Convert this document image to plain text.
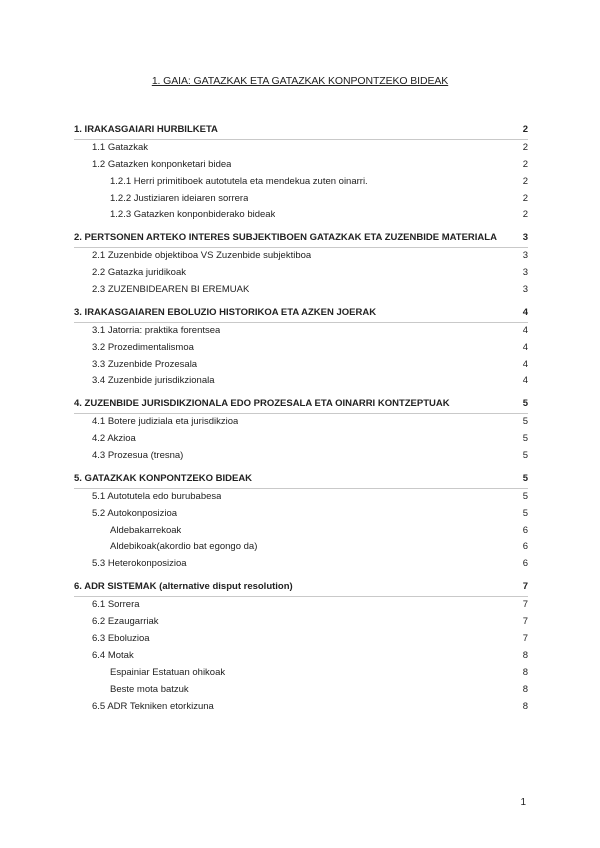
1. GAIA: GATAZKAK ETA GATAZKAK KONPONTZEKO BIDEAK
1. IRAKASGAIARI HURBILKETA	2
1.1 Gatazkak	2
1.2 Gatazken konponketari bidea	2
1.2.1 Herri primitiboek autotutela eta mendekua zuten oinarri.	2
1.2.2 Justiziaren ideiaren sorrera	2
1.2.3 Gatazken konponbiderako bideak	2
2. PERTSONEN ARTEKO INTERES SUBJEKTIBOEN GATAZKAK ETA ZUZENBIDE MATERIALA	3
2.1 Zuzenbide objektiboa VS Zuzenbide subjektiboa	3
2.2 Gatazka juridikoak	3
2.3 ZUZENBIDEAREN BI EREMUAK	3
3. IRAKASGAIAREN EBOLUZIO HISTORIKOA ETA AZKEN JOERAK	4
3.1 Jatorria: praktika forentsea	4
3.2 Prozedimentalismoa	4
3.3 Zuzenbide Prozesala	4
3.4 Zuzenbide jurisdikzionala	4
4. ZUZENBIDE JURISDIKZIONALA EDO PROZESALA ETA OINARRI KONTZEPTUAK	5
4.1 Botere judiziala eta jurisdikzioa	5
4.2 Akzioa	5
4.3 Prozesua (tresna)	5
5. GATAZKAK KONPONTZEKO BIDEAK	5
5.1 Autotutela edo burubabesa	5
5.2 Autokonposizioa	5
Aldebakarrekoak	6
Aldebikoak(akordio bat egongo da)	6
5.3 Heterokonposizioa	6
6. ADR SISTEMAK (alternative disput resolution)	7
6.1 Sorrera	7
6.2 Ezaugarriak	7
6.3 Eboluzioa	7
6.4 Motak	8
Espainiar Estatuan ohikoak	8
Beste mota batzuk	8
6.5 ADR Tekniken etorkizuna	8
1
